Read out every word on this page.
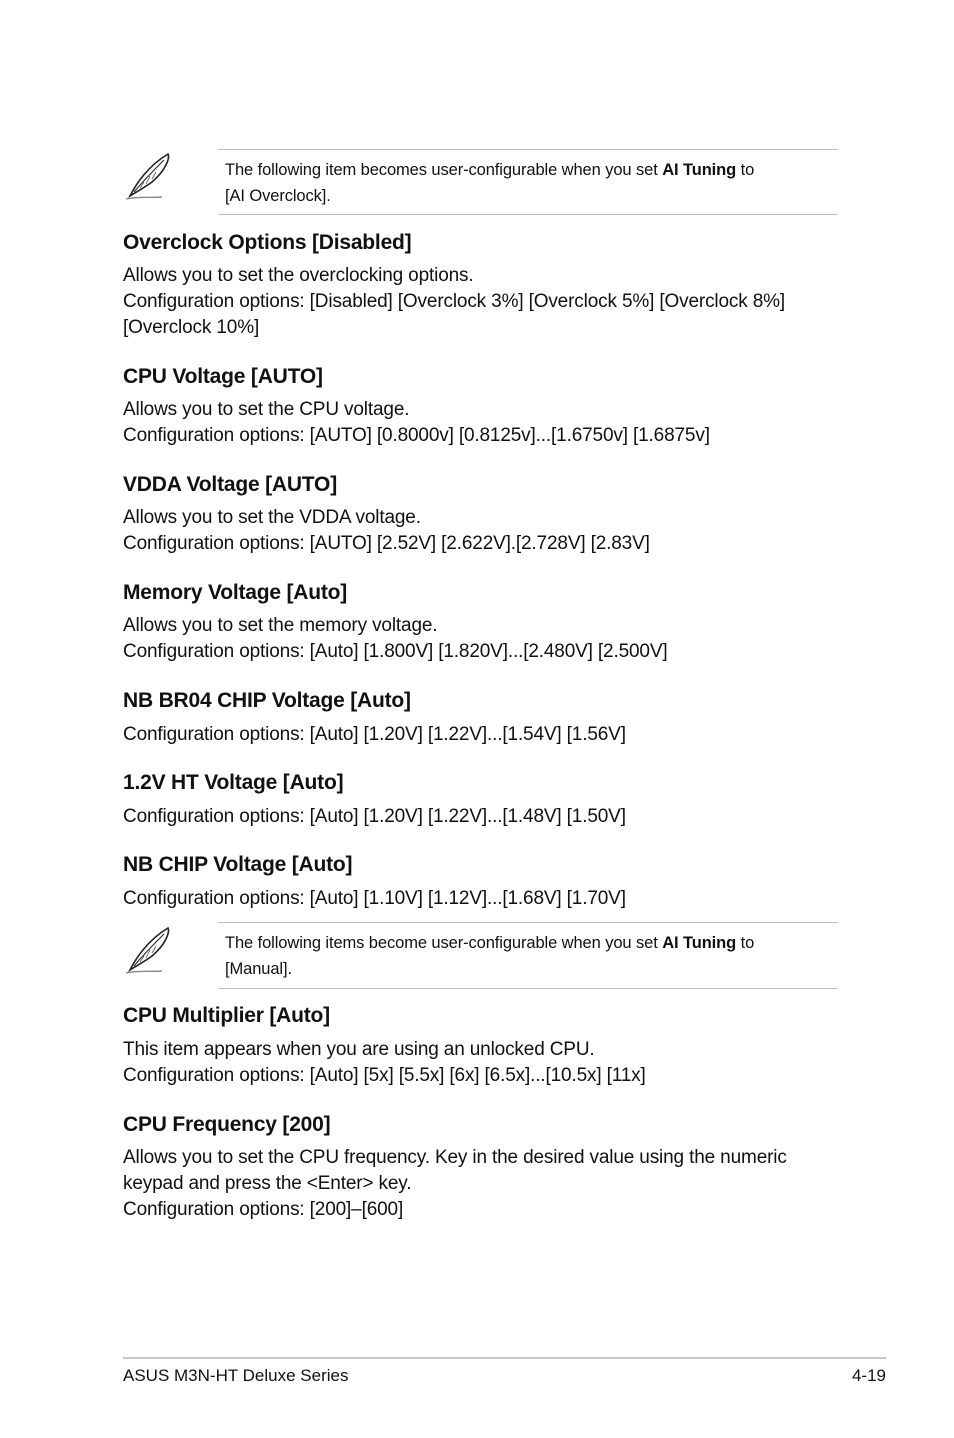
The following item becomes user-configurable when you set AI Tuning to
[AI Overclock].
Overclock Options [Disabled]

Allows you to set the overclocking options.

Configuration options: [Disabled] [Overclock 3%] [Overclock 5%] [Overclock 8%]

[Overclock 10%]

CPU Voltage [AUTO]

Allows you to set the CPU voltage.

Configuration options: [AUTO] [0.8000v] [0.8125v]...[1.6750v] [1.6875v]

VDDA Voltage [AUTO]

Allows you to set the VDDA voltage.

Configuration options: [AUTO] [2.52V] [2.622V].[2.728V] [2.83V]

Memory Voltage [Auto]

Allows you to set the memory voltage.

Configuration options: [Auto] [1.800V] [1.820V]...[2.480V] [2.500V]

NB BR04 CHIP Voltage [Auto]

Configuration options: [Auto] [1.20V] [1.22V]...[1.54V] [1.56V]

1.2V HT Voltage [Auto]

Configuration options: [Auto] [1.20V] [1.22V]...[1.48V] [1.50V]

NB CHIP Voltage [Auto]

Configuration options: [Auto] [1.10V] [1.12V]...[1.68V] [1.70V]

The following items become user-configurable when you set AI Tuning to
[Manual].
CPU Multiplier [Auto]

This item appears when you are using an unlocked CPU.

Configuration options: [Auto] [5x] [5.5x] [6x] [6.5x]...[10.5x] [11x]

CPU Frequency [200]

Allows you to set the CPU frequency. Key in the desired value using the numeric

keypad and press the <Enter> key.

Configuration options: [200]–[600]

ASUS M3N-HT Deluxe Series	4-19
